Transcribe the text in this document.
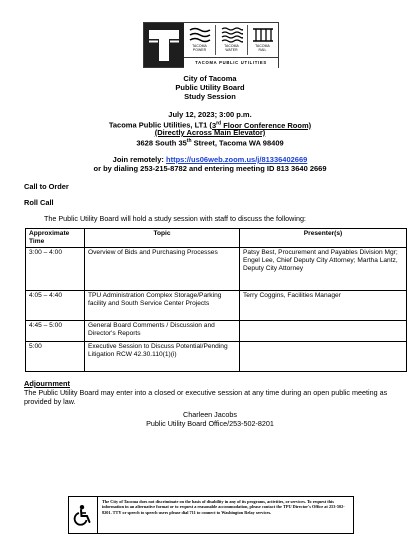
TACOMA
POWER
TACOMA
WATER
TACOMA
RAIL
TACOMA PUBLIC UTILITIES
City of Tacoma
Public Utility Board
Study Session
July 12, 2023; 3:00 p.m.
Tacoma Public Utilities, LT1 (3rd Floor Conference Room)
(Directly Across Main Elevator)
3628 South 35th Street, Tacoma WA 98409
Join remotely: https://us06web.zoom.us/j/81336402669
or by dialing 253-215-8782 and entering meeting ID 813 3640 2669
Call to Order
Roll Call
The Public Utility Board will hold a study session with staff to discuss the following:
Approximate Time	Topic	Presenter(s)
3:00 – 4:00	Overview of Bids and Purchasing Processes	Patsy Best, Procurement and Payables Division Mgr; Engel Lee, Chief Deputy City Attorney; Martha Lantz, Deputy City Attorney
4:05 – 4:40	TPU Administration Complex Storage/Parking facility and South Service Center Projects	Terry Coggins, Facilities Manager
4:45 – 5:00	General Board Comments / Discussion and Director's Reports	
5:00	Executive Session to Discuss Potential/Pending Litigation RCW 42.30.110(1)(i)	
Adjournment
The Public Utility Board may enter into a closed or executive session at any time during an open public meeting as provided by law.
Charleen Jacobs
Public Utility Board Office/253-502-8201
The City of Tacoma does not discriminate on the basis of disability in any of its programs, activities, or services. To request this information in an alternative format or to request a reasonable accommodation, please contact the TPU Director's Office at 253-502-8201. TTY or speech to speech users please dial 711 to connect to Washington Relay services.
